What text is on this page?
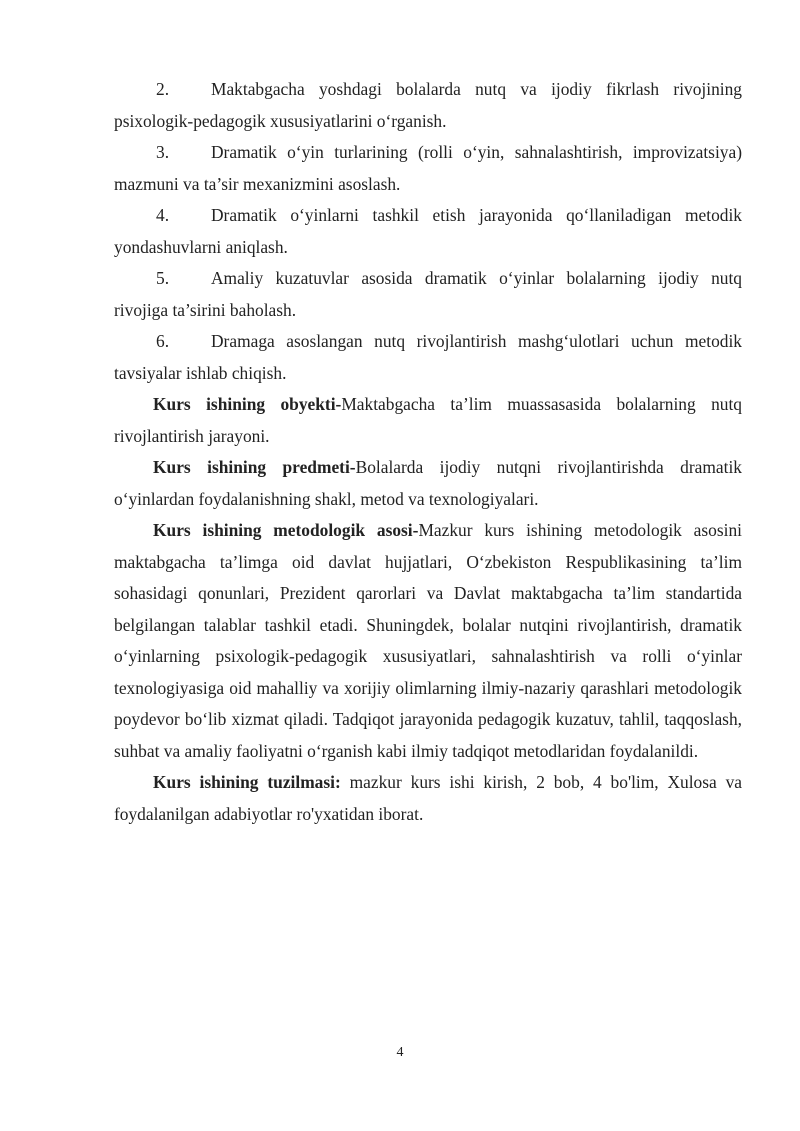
2. Maktabgacha yoshdagi bolalarda nutq va ijodiy fikrlash rivojining psixologik-pedagogik xususiyatlarini o‘rganish.

3. Dramatik o‘yin turlarining (rolli o‘yin, sahnalashtirish, improvizatsiya) mazmuni va ta’sir mexanizmini asoslash.

4. Dramatik o‘yinlarni tashkil etish jarayonida qo‘llaniladigan metodik yondashuvlarni aniqlash.

5. Amaliy kuzatuvlar asosida dramatik o‘yinlar bolalarning ijodiy nutq rivojiga ta’sirini baholash.

6. Dramaga asoslangan nutq rivojlantirish mashg‘ulotlari uchun metodik tavsiyalar ishlab chiqish.

Kurs ishining obyekti-Maktabgacha ta’lim muassasasida bolalarning nutq rivojlantirish jarayoni.

Kurs ishining predmeti-Bolalarda ijodiy nutqni rivojlantirishda dramatik o‘yinlardan foydalanishning shakl, metod va texnologiyalari.

Kurs ishining metodologik asosi-Mazkur kurs ishining metodologik asosini maktabgacha ta’limga oid davlat hujjatlari, O‘zbekiston Respublikasining ta’lim sohasidagi qonunlari, Prezident qarorlari va Davlat maktabgacha ta’lim standartida belgilangan talablar tashkil etadi. Shuningdek, bolalar nutqini rivojlantirish, dramatik o‘yinlarning psixologik-pedagogik xususiyatlari, sahnalashtirish va rolli o‘yinlar texnologiyasiga oid mahalliy va xorijiy olimlarning ilmiy-nazariy qarashlari metodologik poydevor bo‘lib xizmat qiladi. Tadqiqot jarayonida pedagogik kuzatuv, tahlil, taqqoslash, suhbat va amaliy faoliyatni o‘rganish kabi ilmiy tadqiqot metodlaridan foydalanildi.

Kurs ishining tuzilmasi: mazkur kurs ishi kirish, 2 bob, 4 bo'lim, Xulosa va foydalanilgan adabiyotlar ro'yxatidan iborat.

4
